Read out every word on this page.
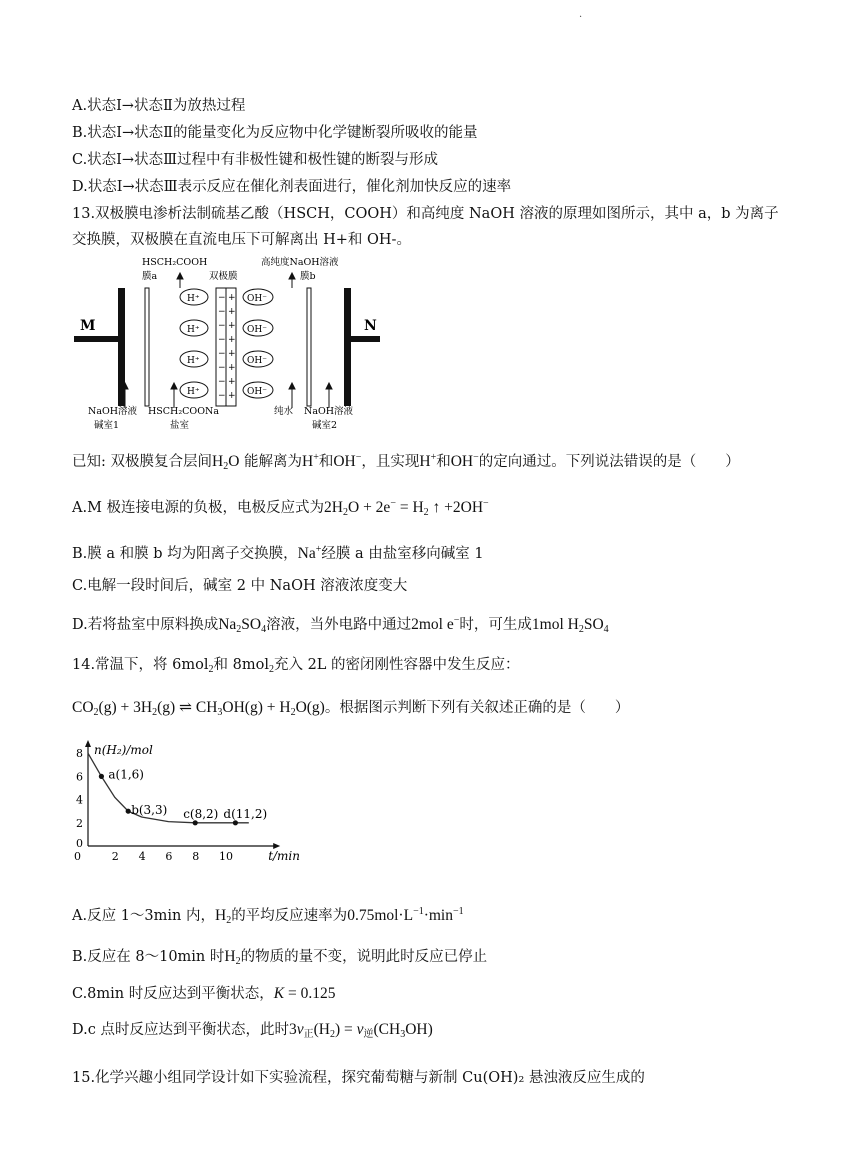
·
A.状态Ⅰ→状态Ⅱ为放热过程
B.状态Ⅰ→状态Ⅱ的能量变化为反应物中化学键断裂所吸收的能量
C.状态Ⅰ→状态Ⅲ过程中有非极性键和极性键的断裂与形成
D.状态Ⅰ→状态Ⅲ表示反应在催化剂表面进行，催化剂加快反应的速率
13.双极膜电渗析法制硫基乙酸（HSCH，COOH）和高纯度 NaOH 溶液的原理如图所示，其中 a，b 为离子交换膜，双极膜在直流电压下可解离出 H+和 OH-。
HSCH₂COOH
膜a	双极膜
高纯度NaOH溶液
膜b
M	N
− +
− +
− +
− +
− +
− +
− +
− +
H⁺
H⁺
H⁺
H⁺
OH⁻
OH⁻
OH⁻
OH⁻
NaOH溶液
碱室1
HSCH₂COONa
盐室
纯水 NaOH溶液
碱室2
已知: 双极膜复合层间$H_2O$ 能解离为H+和OH−，且实现H+和OH−的定向通过。下列说法错误的是（　　）
A.M 极连接电源的负极，电极反应式为$2H_2O + 2e^- = H_2$ ↑ +2OH−
B.膜 a 和膜 b 均为阳离子交换膜，Na+经膜 a 由盐室移向碱室 1
C.电解一段时间后，碱室 2 中 NaOH 溶液浓度变大
D.若将盐室中原料换成$Na_2SO_4$溶液，当外电路中通过2mol e−时，可生成1mol $H_2SO_4$
14.常温下，将 6mol$_2$和 8mol$_2$充入 2L 的密闭刚性容器中发生反应：
$CO_2(g) + 3H_2(g)$ ⇌ $CH_3OH(g) + H_2O(g)$。根据图示判断下列有关叙述正确的是（　　）
n(H₂)/mol
t/min
2 4 6 8 10
0
2
4
6
8
0
a(1,6)
b(3,3) c(8,2) d(11,2)
A.反应 1～3min 内，$H_2$的平均反应速率为$0.75mol\cdot L^{-1}\cdot\min^{-1}$
B.反应在 8～10min 时$H_2$的物质的量不变，说明此时反应已停止
C.8min 时反应达到平衡状态，K = 0.125
D.c 点时反应达到平衡状态，此时$3v_正(H_2) = v_逆(CH_3OH)$
15.化学兴趣小组同学设计如下实验流程，探究葡萄糖与新制 Cu(OH)₂ 悬浊液反应生成的
